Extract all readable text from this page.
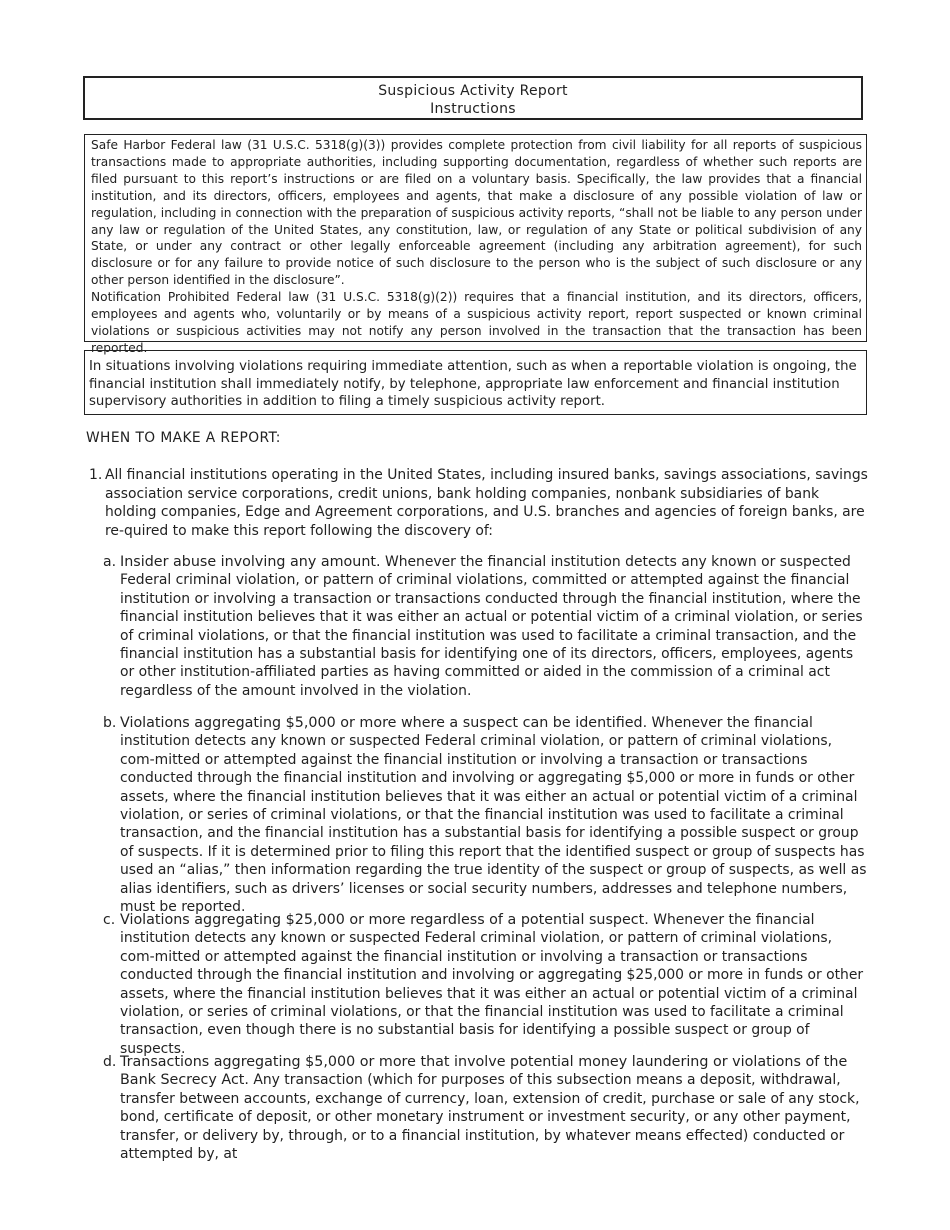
Suspicious Activity Report
Instructions

Safe Harbor Federal law (31 U.S.C. 5318(g)(3)) provides complete protection from civil liability for all reports of suspicious transactions made to appropriate authorities, including supporting documentation, regardless of whether such reports are filed pursuant to this report’s instructions or are filed on a voluntary basis. Specifically, the law provides that a financial institution, and its directors, officers, employees and agents, that make a disclosure of any possible violation of law or regulation, including in connection with the preparation of suspicious activity reports, “shall not be liable to any person under any law or regulation of the United States, any constitution, law, or regulation of any State or political subdivision of any State, or under any contract or other legally enforceable agreement (including any arbitration agreement), for such disclosure or for any failure to provide notice of such disclosure to the person who is the subject of such disclosure or any other person identified in the disclosure”.

Notification Prohibited Federal law (31 U.S.C. 5318(g)(2)) requires that a financial institution, and its directors, officers, employees and agents who, voluntarily or by means of a suspicious activity report, report suspected or known criminal violations or suspicious activities may not notify any person involved in the transaction that the transaction has been reported.

In situations involving violations requiring immediate attention, such as when a reportable violation is ongoing, the financial institution shall immediately notify, by telephone, appropriate law enforcement and financial institution supervisory authorities in addition to filing a timely suspicious activity report.

WHEN TO MAKE A REPORT:
1. All financial institutions operating in the United States, including insured banks, savings associations, savings association service corporations, credit unions, bank holding companies, nonbank subsidiaries of bank holding companies, Edge and Agreement corporations, and U.S. branches and agencies of foreign banks, are re-quired to make this report following the discovery of:

a. Insider abuse involving any amount. Whenever the financial institution detects any known or suspected Federal criminal violation, or pattern of criminal violations, committed or attempted against the financial institution or involving a transaction or transactions conducted through the financial institution, where the financial institution believes that it was either an actual or potential victim of a criminal violation, or series of criminal violations, or that the financial institution was used to facilitate a criminal transaction, and the financial institution has a substantial basis for identifying one of its directors, officers, employees, agents or other institution-affiliated parties as having committed or aided in the commission of a criminal act regardless of the amount involved in the violation.

b. Violations aggregating $5,000 or more where a suspect can be identified. Whenever the financial institution detects any known or suspected Federal criminal violation, or pattern of criminal violations, com-mitted or attempted against the financial institution or involving a transaction or transactions conducted through the financial institution and involving or aggregating $5,000 or more in funds or other assets, where the financial institution believes that it was either an actual or potential victim of a criminal violation, or series of criminal violations, or that the financial institution was used to facilitate a criminal transaction, and the financial institution has a substantial basis for identifying a possible suspect or group of suspects. If it is determined prior to filing this report that the identified suspect or group of suspects has used an “alias,” then information regarding the true identity of the suspect or group of suspects, as well as alias identifiers, such as drivers’ licenses or social security numbers, addresses and telephone numbers, must be reported.

c. Violations aggregating $25,000 or more regardless of a potential suspect. Whenever the financial institution detects any known or suspected Federal criminal violation, or pattern of criminal violations, com-mitted or attempted against the financial institution or involving a transaction or transactions conducted through the financial institution and involving or aggregating $25,000 or more in funds or other assets, where the financial institution believes that it was either an actual or potential victim of a criminal violation, or series of criminal violations, or that the financial institution was used to facilitate a criminal transaction, even though there is no substantial basis for identifying a possible suspect or group of suspects.

d. Transactions aggregating $5,000 or more that involve potential money laundering or violations of the Bank Secrecy Act. Any transaction (which for purposes of this subsection means a deposit, withdrawal, transfer between accounts, exchange of currency, loan, extension of credit, purchase or sale of any stock, bond, certificate of deposit, or other monetary instrument or investment security, or any other payment, transfer, or delivery by, through, or to a financial institution, by whatever means effected) conducted or attempted by, at
